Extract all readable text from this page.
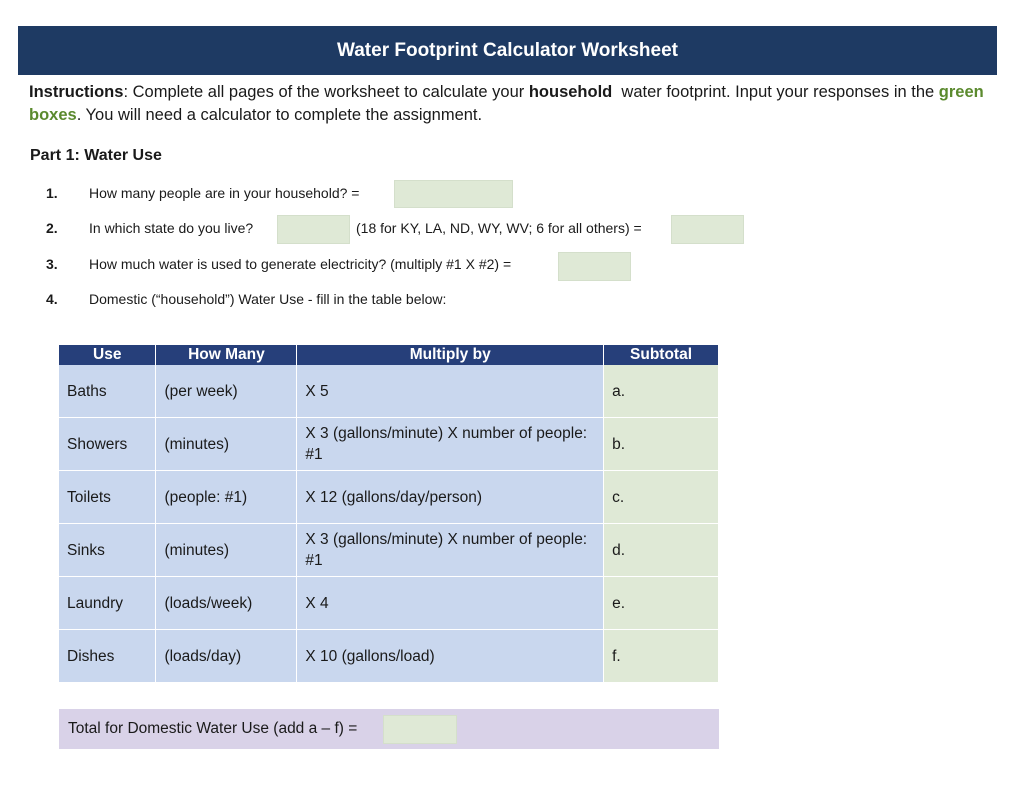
Water Footprint Calculator Worksheet
Instructions: Complete all pages of the worksheet to calculate your household  water footprint. Input your responses in the green boxes. You will need a calculator to complete the assignment.
Part 1: Water Use
1. How many people are in your household? =
2. In which state do you live?	(18 for KY, LA, ND, WY, WV; 6 for all others) =
3. How much water is used to generate electricity? (multiply #1 X #2) =
4. Domestic (“household”) Water Use - fill in the table below:
Use	How Many	Multiply by	Subtotal
Baths	(per week)	X 5	a.
Showers	(minutes)	X 3 (gallons/minute) X number of people: #1	b.
Toilets	(people: #1)	X 12 (gallons/day/person)	c.
Sinks	(minutes)	X 3 (gallons/minute) X number of people: #1	d.
Laundry	(loads/week)	X 4	e.
Dishes	(loads/day)	X 10 (gallons/load)	f.
Total for Domestic Water Use (add a – f) =
